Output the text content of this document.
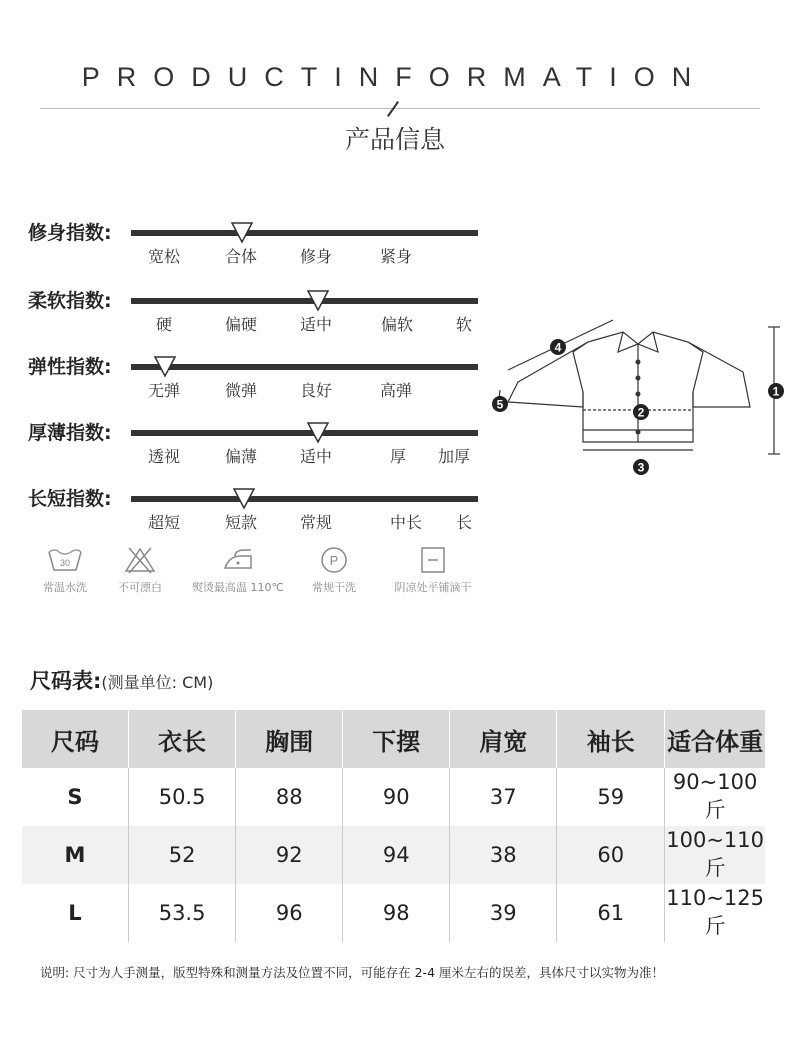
PRODUCTINFORMATION
产品信息
修身指数:
宽松	合体	修身	紧身
柔软指数:
硬	偏硬	适中	偏软	软
弹性指数:
无弹	微弹	良好	高弹
厚薄指数:
透视	偏薄	适中	厚 加厚
长短指数:
超短	短款	常规	中长 长
1
2
3
4
5
30
常温水洗	不可漂白	熨烫最高温 110℃
P
常规干洗	阴凉处平铺滴干
尺码表:(测量单位: CM)
尺码	衣长	胸围	下摆	肩宽	袖长	适合体重
S	50.5	88	90	37	59	90~100斤
M	52	92	94	38	60	100~110斤
L	53.5	96	98	39	61	110~125斤
说明: 尺寸为人手测量，版型特殊和测量方法及位置不同，可能存在 2-4 厘米左右的误差，具体尺寸以实物为准！
